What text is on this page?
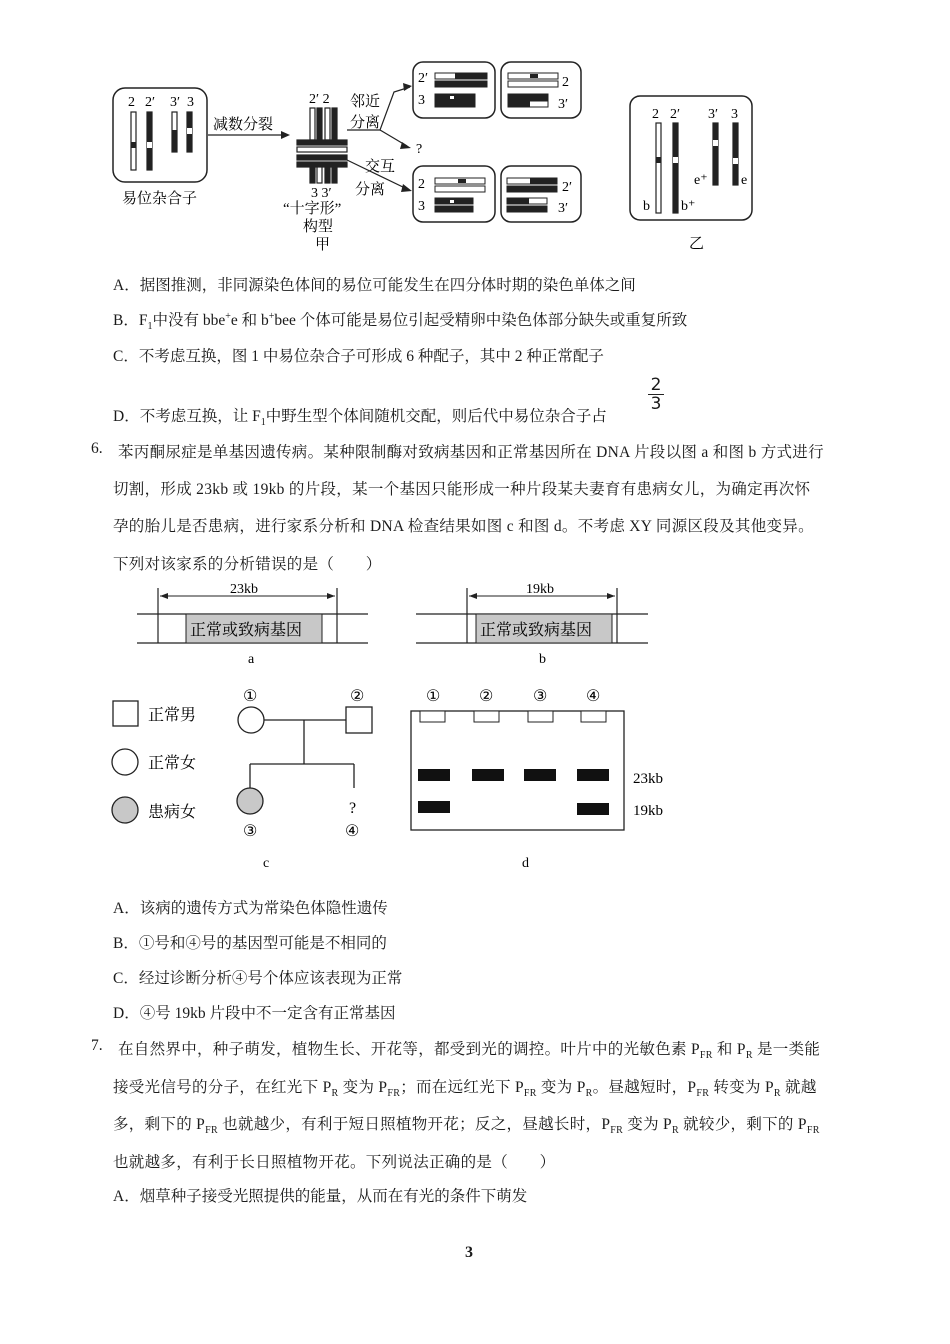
2 2′ 3′ 3
易位杂合子
减数分裂
2′ 2
3 3′
“十字形”
构型
甲
邻近
分离
?
交互
分离
2′
3
2
3′
2
3
2′
3′
2 2′ 3′ 3
b b⁺
e⁺ e
乙
A．据图推测，非同源染色体间的易位可能发生在四分体时期的染色单体之间
B．$F_1$中没有 bbe+e 和 b+bee 个体可能是易位引起受精卵中染色体部分缺失或重复所致
C．不考虑互换，图 1 中易位杂合子可形成 6 种配子，其中 2 种正常配子
D．不考虑互换，让 $F_1$中野生型个体间随机交配，则后代中易位杂合子占
2
3
6. 苯丙酮尿症是单基因遗传病。某种限制酶对致病基因和正常基因所在 DNA 片段以图 a 和图 b 方式进行
切割，形成 23kb 或 19kb 的片段，某一个基因只能形成一种片段某夫妻育有患病女儿，为确定再次怀
孕的胎儿是否患病，进行家系分析和 DNA 检查结果如图 c 和图 d。不考虑 XY 同源区段及其他变异。
下列对该家系的分析错误的是（　　）
23kb
正常或致病基因
a
19kb
正常或致病基因
b
正常男
正常女
患病女
①	②
?
③	④
c
① ② ③ ④
23kb
19kb
d
A．该病的遗传方式为常染色体隐性遗传
B．①号和④号的基因型可能是不相同的
C．经过诊断分析④号个体应该表现为正常
D．④号 19kb 片段中不一定含有正常基因
7. 在自然界中，种子萌发，植物生长、开花等，都受到光的调控。叶片中的光敏色素 $P_{FR}$ 和 $P_R$ 是一类能
接受光信号的分子，在红光下 $P_R$ 变为 $P_{FR}$；而在远红光下 $P_{FR}$ 变为 $P_R$。昼越短时，$P_{FR}$ 转变为 $P_R$ 就越
多，剩下的 $P_{FR}$ 也就越少，有利于短日照植物开花；反之，昼越长时，$P_{FR}$ 变为 $P_R$ 就较少，剩下的 $P_{FR}$
也就越多，有利于长日照植物开花。下列说法正确的是（　　）
A．烟草种子接受光照提供的能量，从而在有光的条件下萌发
3
